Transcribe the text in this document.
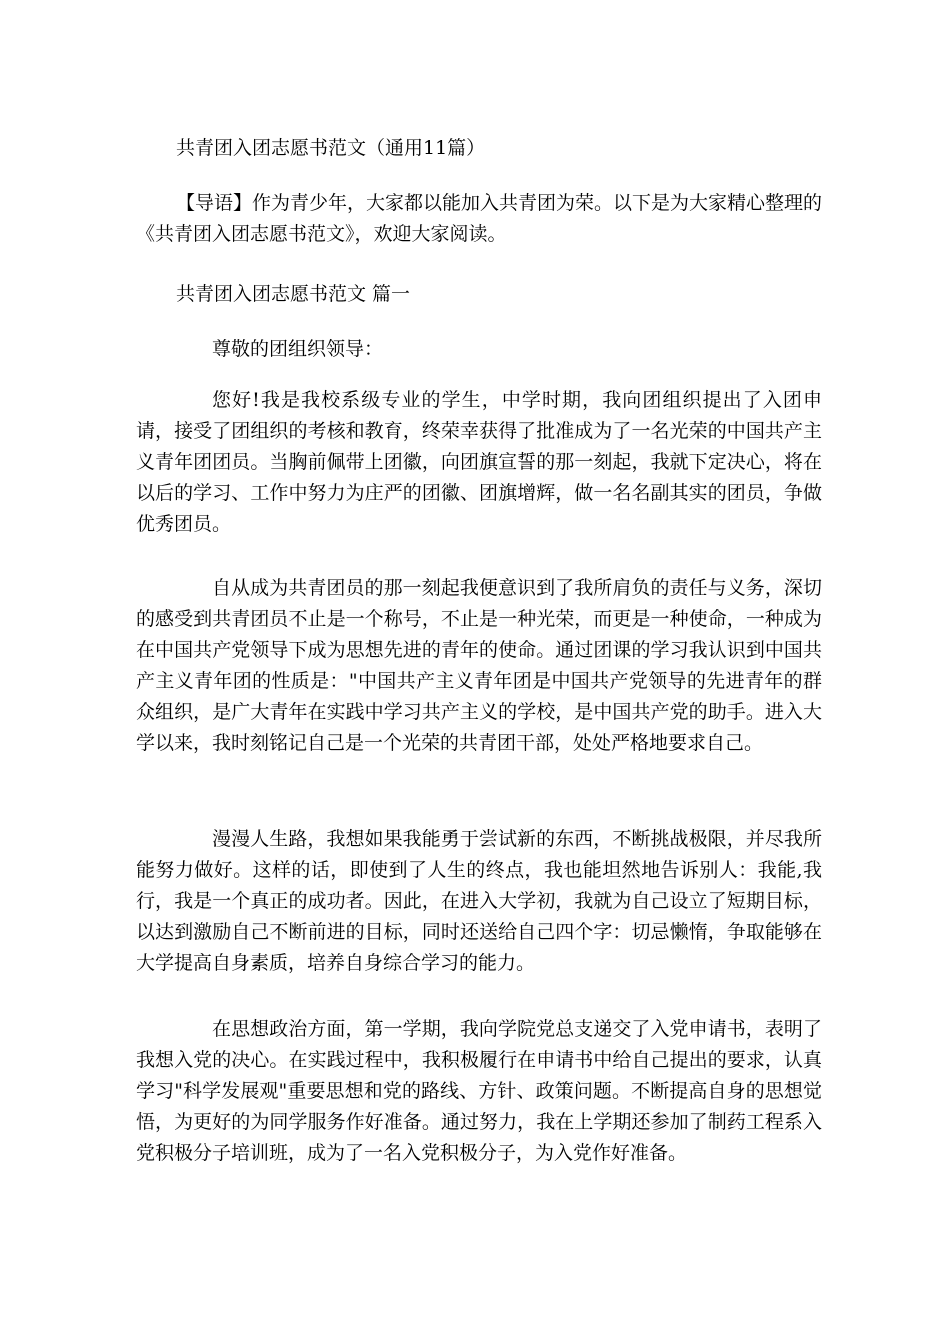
共青团入团志愿书范文（通用11篇）

【导语】作为青少年，大家都以能加入共青团为荣。以下是为大家精心整理的《共青团入团志愿书范文》，欢迎大家阅读。

共青团入团志愿书范文 篇一
尊敬的团组织领导：

您好!我是我校系级专业的学生，中学时期，我向团组织提出了入团申请，接受了团组织的考核和教育，终荣幸获得了批准成为了一名光荣的中国共产主义青年团团员。当胸前佩带上团徽，向团旗宣誓的那一刻起，我就下定决心，将在以后的学习、工作中努力为庄严的团徽、团旗增辉，做一名名副其实的团员，争做优秀团员。

自从成为共青团员的那一刻起我便意识到了我所肩负的责任与义务，深切的感受到共青团员不止是一个称号，不止是一种光荣，而更是一种使命，一种成为在中国共产党领导下成为思想先进的青年的使命。通过团课的学习我认识到中国共产主义青年团的性质是："中国共产主义青年团是中国共产党领导的先进青年的群众组织，是广大青年在实践中学习共产主义的学校，是中国共产党的助手。进入大学以来，我时刻铭记自己是一个光荣的共青团干部，处处严格地要求自己。

漫漫人生路，我想如果我能勇于尝试新的东西，不断挑战极限，并尽我所能努力做好。这样的话，即使到了人生的终点，我也能坦然地告诉别人：我能,我行，我是一个真正的成功者。因此，在进入大学初，我就为自己设立了短期目标，以达到激励自己不断前进的目标，同时还送给自己四个字：切忌懒惰，争取能够在大学提高自身素质，培养自身综合学习的能力。

在思想政治方面，第一学期，我向学院党总支递交了入党申请书，表明了我想入党的决心。在实践过程中，我积极履行在申请书中给自己提出的要求，认真学习"科学发展观"重要思想和党的路线、方针、政策问题。不断提高自身的思想觉悟，为更好的为同学服务作好准备。通过努力，我在上学期还参加了制药工程系入党积极分子培训班，成为了一名入党积极分子，为入党作好准备。
